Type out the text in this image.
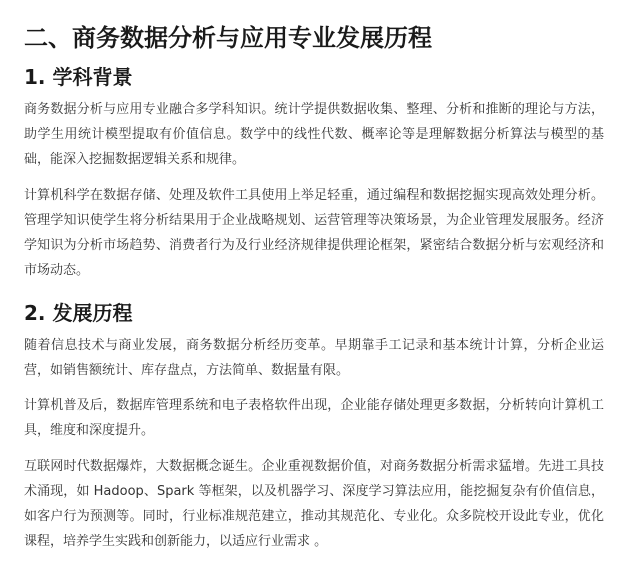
二、商务数据分析与应用专业发展历程
1. 学科背景
商务数据分析与应用专业融合多学科知识。统计学提供数据收集、整理、分析和推断的理论与方法，助学生用统计模型提取有价值信息。数学中的线性代数、概率论等是理解数据分析算法与模型的基础，能深入挖掘数据逻辑关系和规律。
计算机科学在数据存储、处理及软件工具使用上举足轻重，通过编程和数据挖掘实现高效处理分析。管理学知识使学生将分析结果用于企业战略规划、运营管理等决策场景，为企业管理发展服务。经济学知识为分析市场趋势、消费者行为及行业经济规律提供理论框架，紧密结合数据分析与宏观经济和市场动态。
2. 发展历程
随着信息技术与商业发展，商务数据分析经历变革。早期靠手工记录和基本统计计算，分析企业运营，如销售额统计、库存盘点，方法简单、数据量有限。
计算机普及后，数据库管理系统和电子表格软件出现，企业能存储处理更多数据，分析转向计算机工具，维度和深度提升。
互联网时代数据爆炸，大数据概念诞生。企业重视数据价值，对商务数据分析需求猛增。先进工具技术涌现，如 Hadoop、Spark 等框架，以及机器学习、深度学习算法应用，能挖掘复杂有价值信息，如客户行为预测等。同时，行业标准规范建立，推动其规范化、专业化。众多院校开设此专业，优化课程，培养学生实践和创新能力，以适应行业需求 。
